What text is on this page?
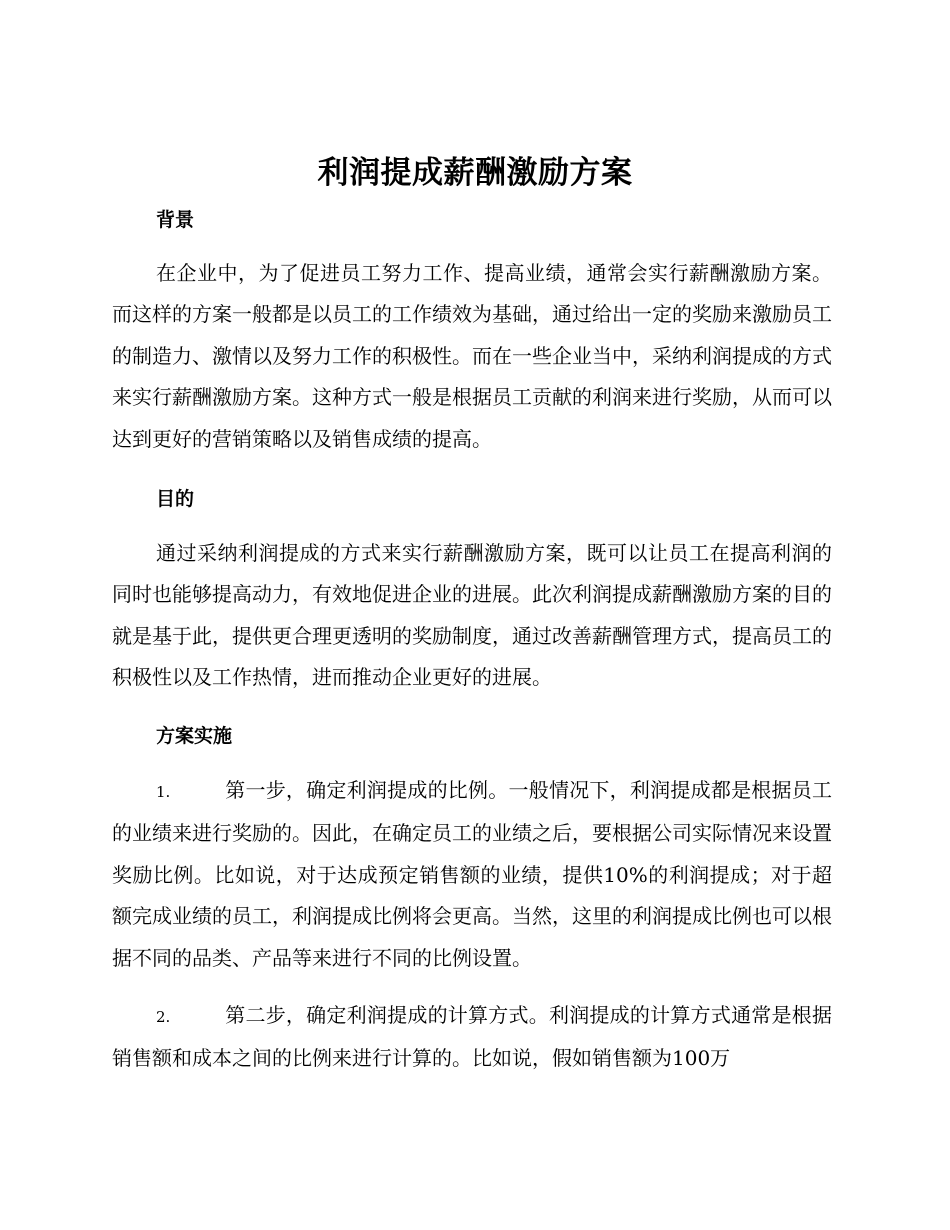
利润提成薪酬激励方案
背景

在企业中，为了促进员工努力工作、提高业绩，通常会实行薪酬激励方案。而这样的方案一般都是以员工的工作绩效为基础，通过给出一定的奖励来激励员工的制造力、激情以及努力工作的积极性。而在一些企业当中，采纳利润提成的方式来实行薪酬激励方案。这种方式一般是根据员工贡献的利润来进行奖励，从而可以达到更好的营销策略以及销售成绩的提高。

目的

通过采纳利润提成的方式来实行薪酬激励方案，既可以让员工在提高利润的同时也能够提高动力，有效地促进企业的进展。此次利润提成薪酬激励方案的目的就是基于此，提供更合理更透明的奖励制度，通过改善薪酬管理方式，提高员工的积极性以及工作热情，进而推动企业更好的进展。

方案实施

1.	第一步，确定利润提成的比例。一般情况下，利润提成都是根据员工的业绩来进行奖励的。因此，在确定员工的业绩之后，要根据公司实际情况来设置奖励比例。比如说，对于达成预定销售额的业绩，提供10%的利润提成；对于超额完成业绩的员工，利润提成比例将会更高。当然，这里的利润提成比例也可以根据不同的品类、产品等来进行不同的比例设置。

2.	第二步，确定利润提成的计算方式。利润提成的计算方式通常是根据销售额和成本之间的比例来进行计算的。比如说，假如销售额为100万
